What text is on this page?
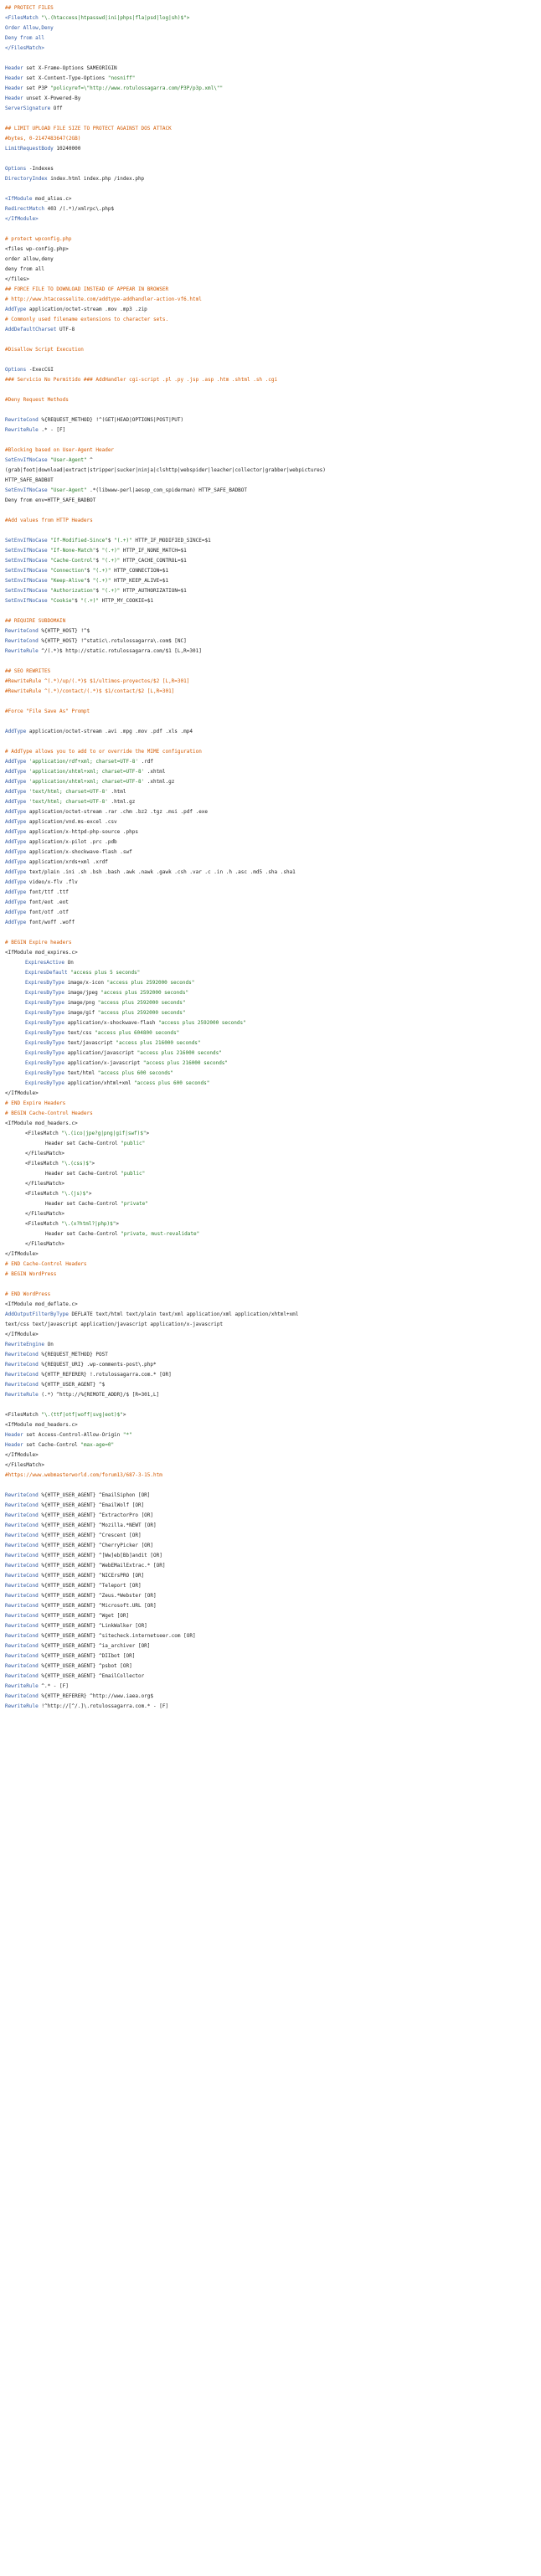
## PROTECT FILES
<FilesMatch "\.(htaccess|htpasswd|ini|phps|fla|psd|log|sh)$">
Order Allow,Deny
Deny from all
</FilesMatch>
Header set X-Frame-Options SAMEORIGIN
Header set X-Content-Type-Options "nosniff"
Header set P3P "policyref=\"http://www.rotulossagarra.com/P3P/p3p.xml\""
Header unset X-Powered-By
ServerSignature Off
## LIMIT UPLOAD FILE SIZE TO PROTECT AGAINST DOS ATTACK
#bytes, 0-2147483647(2GB)
LimitRequestBody 10240000
Options -Indexes
DirectoryIndex index.html index.php /index.php
<IfModule mod_alias.c>
RedirectMatch 403 /(.*)/xmlrpc\.php$
</IfModule>
# protect wpconfig.php
<files wp-config.php>
order allow,deny
deny from all
</files>
## FORCE FILE TO DOWNLOAD INSTEAD OF APPEAR IN BROWSER
# http://www.htaccesselite.com/addtype-addhandler-action-vf6.html
AddType application/octet-stream .mov .mp3 .zip
# Commonly used filename extensions to character sets.
AddDefaultCharset UTF-8
#Disallow Script Execution
Options -ExecCGI
### Servicio No Permitido ### AddHandler cgi-script .pl .py .jsp .asp .htm .shtml .sh .cgi
#Deny Request Methods
RewriteCond %{REQUEST_METHOD} !^(GET|HEAD|OPTIONS|POST|PUT)
RewriteRule .* - [F]
#Blocking based on User-Agent Header
SetEnvIfNoCase "User-Agent" ^
(grab|foot|download|extract|stripper|sucker|ninja|clshttp|webspider|leacher|collector|grabber|webpictures)
HTTP_SAFE_BADBOT
SetEnvIfNoCase "User-Agent" .*(libwww-perl|aesop_com_spiderman) HTTP_SAFE_BADBOT
Deny from env=HTTP_SAFE_BADBOT
#Add values from HTTP Headers
SetEnvIfNoCase "If-Modified-Since"$ "(.+)" HTTP_IF_MODIFIED_SINCE=$1
SetEnvIfNoCase "If-None-Match"$ "(.+)" HTTP_IF_NONE_MATCH=$1
SetEnvIfNoCase "Cache-Control"$ "(.+)" HTTP_CACHE_CONTROL=$1
SetEnvIfNoCase "Connection"$ "(.+)" HTTP_CONNECTION=$1
SetEnvIfNoCase "Keep-Alive"$ "(.+)" HTTP_KEEP_ALIVE=$1
SetEnvIfNoCase "Authorization"$ "(.+)" HTTP_AUTHORIZATION=$1
SetEnvIfNoCase "Cookie"$ "(.+)" HTTP_MY_COOKIE=$1
## REQUIRE SUBDOMAIN
RewriteCond %{HTTP_HOST} !^$
RewriteCond %{HTTP_HOST} !^static\.rotulossagarra\.com$ [NC]
RewriteRule ^/(.*)$ http://static.rotulossagarra.com/$1 [L,R=301]
## SEO REWRITES
#RewriteRule ^(.*)/up/(.*)$ $1/ultimos-proyectos/$2 [L,R=301]
#RewriteRule ^(.*)/contact/(.*)$ $1/contact/$2 [L,R=301]
#Force "File Save As" Prompt
AddType application/octet-stream .avi .mpg .mov .pdf .xls .mp4
# AddType allows you to add to or override the MIME configuration
AddType 'application/rdf+xml; charset=UTF-8' .rdf
AddType 'application/xhtml+xml; charset=UTF-8' .xhtml
AddType 'application/xhtml+xml; charset=UTF-8' .xhtml.gz
AddType 'text/html; charset=UTF-8' .html
AddType 'text/html; charset=UTF-8' .html.gz
AddType application/octet-stream .rar .chm .bz2 .tgz .msi .pdf .exe
AddType application/vnd.ms-excel .csv
AddType application/x-httpd-php-source .phps
AddType application/x-pilot .prc .pdb
AddType application/x-shockwave-flash .swf
AddType application/xrds+xml .xrdf
AddType text/plain .ini .sh .bsh .bash .awk .nawk .gawk .csh .var .c .in .h .asc .md5 .sha .sha1
AddType video/x-flv .flv
AddType font/ttf .ttf
AddType font/eot .eot
AddType font/otf .otf
AddType font/woff .woff
# BEGIN Expire headers
<IfModule mod_expires.c>
ExpiresActive On
ExpiresDefault "access plus 5 seconds"
ExpiresByType image/x-icon "access plus 2592000 seconds"
ExpiresByType image/jpeg "access plus 2592000 seconds"
ExpiresByType image/png "access plus 2592000 seconds"
ExpiresByType image/gif "access plus 2592000 seconds"
ExpiresByType application/x-shockwave-flash "access plus 2592000 seconds"
ExpiresByType text/css "access plus 604800 seconds"
ExpiresByType text/javascript "access plus 216000 seconds"
ExpiresByType application/javascript "access plus 216000 seconds"
ExpiresByType application/x-javascript "access plus 216000 seconds"
ExpiresByType text/html "access plus 600 seconds"
ExpiresByType application/xhtml+xml "access plus 600 seconds"
</IfModule>
# END Expire Headers
# BEGIN Cache-Control Headers
<IfModule mod_headers.c>
<FilesMatch "\.(ico|jpe?g|png|gif|swf)$">
Header set Cache-Control "public"
</FilesMatch>
<FilesMatch "\.(css)$">
Header set Cache-Control "public"
</FilesMatch>
<FilesMatch "\.(js)$">
Header set Cache-Control "private"
</FilesMatch>
<FilesMatch "\.(x?html?|php)$">
Header set Cache-Control "private, must-revalidate"
</FilesMatch>
</IfModule>
# END Cache-Control Headers
# BEGIN WordPress
# END WordPress
<IfModule mod_deflate.c>
AddOutputFilterByType DEFLATE text/html text/plain text/xml application/xml application/xhtml+xml
text/css text/javascript application/javascript application/x-javascript
</IfModule>
RewriteEngine On
RewriteCond %{REQUEST_METHOD} POST
RewriteCond %{REQUEST_URI} .wp-comments-post\.php*
RewriteCond %{HTTP_REFERER} !.rotulossagarra.com.* [OR]
RewriteCond %{HTTP_USER_AGENT} ^$
RewriteRule (.*) ^http://%{REMOTE_ADDR}/$ [R=301,L]
<FilesMatch "\.(ttf|otf|woff|svg|eot)$">
<IfModule mod_headers.c>
Header set Access-Control-Allow-Origin "*"
Header set Cache-Control "max-age=0"
</IfModule>
</FilesMatch>
#https://www.webmasterworld.com/forum13/687-3-15.htm
RewriteCond %{HTTP_USER_AGENT} ^EmailSiphon [OR]
RewriteCond %{HTTP_USER_AGENT} ^EmailWolf [OR]
RewriteCond %{HTTP_USER_AGENT} ^ExtractorPro [OR]
RewriteCond %{HTTP_USER_AGENT} ^Mozilla.*NEWT [OR]
RewriteCond %{HTTP_USER_AGENT} ^Crescent [OR]
RewriteCond %{HTTP_USER_AGENT} ^CherryPicker [OR]
RewriteCond %{HTTP_USER_AGENT} ^[Ww]eb[Bb]andit [OR]
RewriteCond %{HTTP_USER_AGENT} ^WebEMailExtrac.* [OR]
RewriteCond %{HTTP_USER_AGENT} ^NICErsPRO [OR]
RewriteCond %{HTTP_USER_AGENT} ^Teleport [OR]
RewriteCond %{HTTP_USER_AGENT} ^Zeus.*Webster [OR]
RewriteCond %{HTTP_USER_AGENT} ^Microsoft.URL [OR]
RewriteCond %{HTTP_USER_AGENT} ^Wget [OR]
RewriteCond %{HTTP_USER_AGENT} ^LinkWalker [OR]
RewriteCond %{HTTP_USER_AGENT} ^sitecheck.internetseer.com [OR]
RewriteCond %{HTTP_USER_AGENT} ^ia_archiver [OR]
RewriteCond %{HTTP_USER_AGENT} ^DIIbot [OR]
RewriteCond %{HTTP_USER_AGENT} ^psbot [OR]
RewriteCond %{HTTP_USER_AGENT} ^EmailCollector
RewriteRule ^.* - [F]
RewriteCond %{HTTP_REFERER} ^http://www.iaea.org$
RewriteRule !^http://[^/.]\.rotulossagarra.com.* - [F]
